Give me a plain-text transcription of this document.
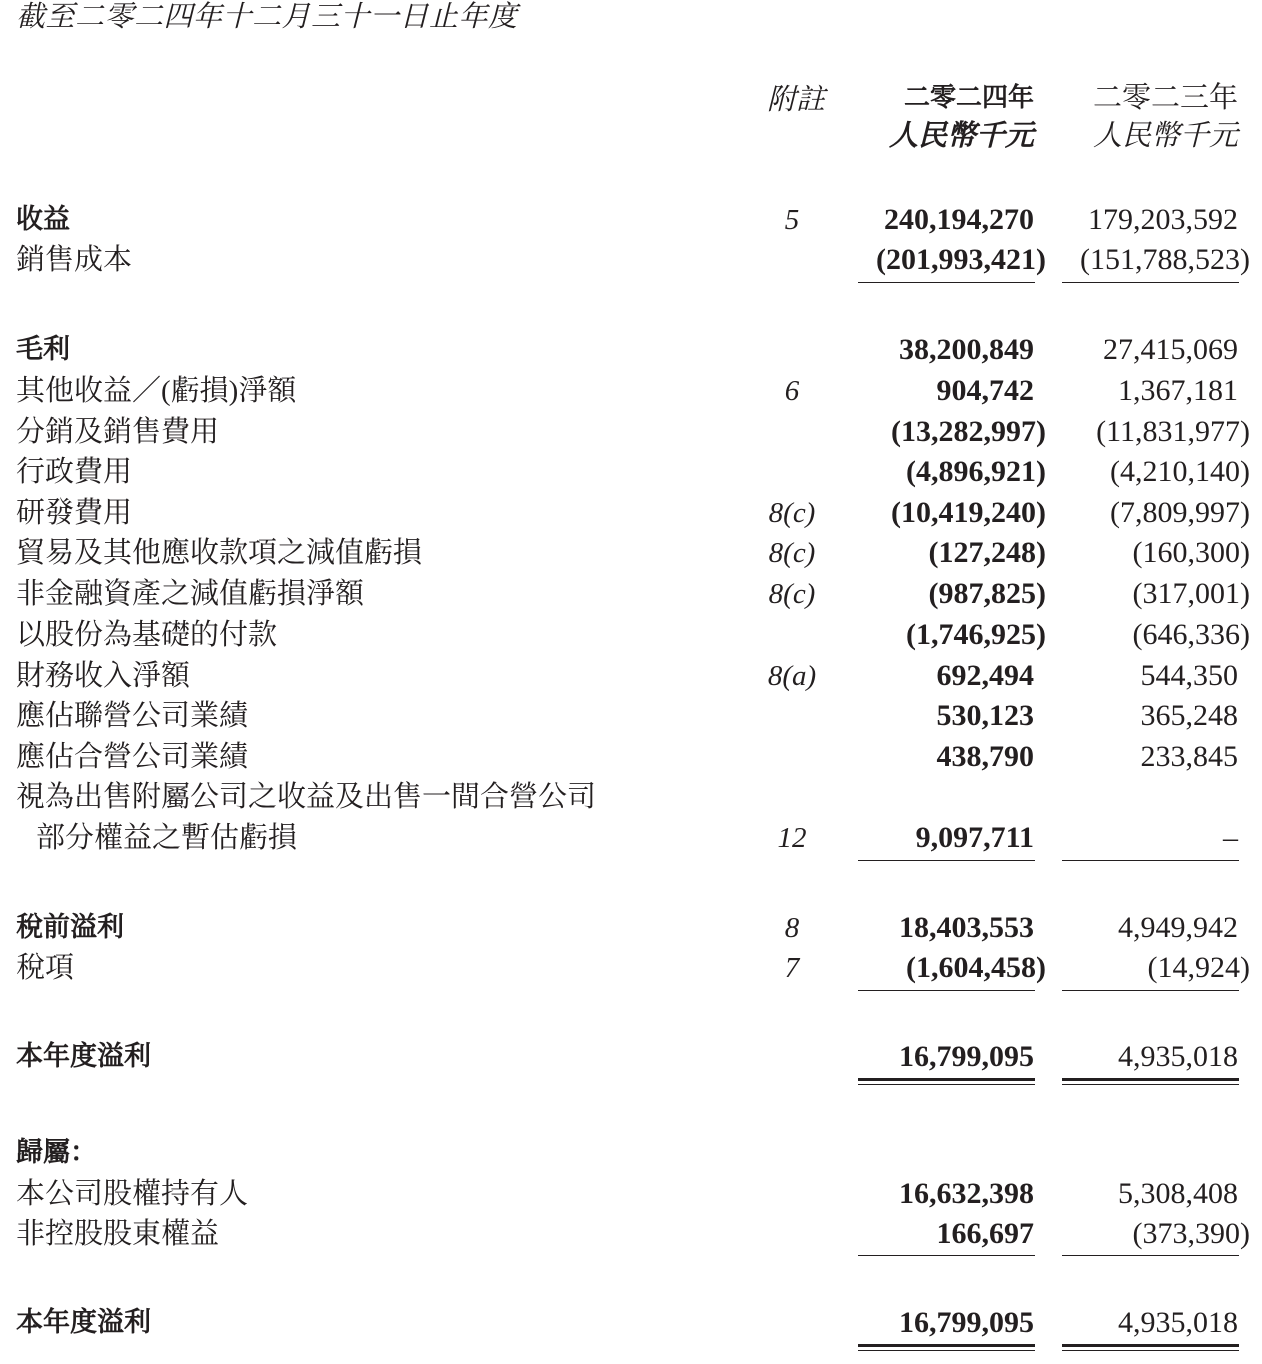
截至二零二四年十二月三十一日止年度
附註	二零二四年
人民幣千元
二零二三年
人民幣千元
收益	5	240,194,270 179,203,592
銷售成本	(201,993,421) (151,788,523)
毛利	38,200,849 27,415,069
其他收益／(虧損)淨額	6	904,742	1,367,181
分銷及銷售費用	(13,282,997) (11,831,977)
行政費用	(4,896,921) (4,210,140)
研發費用	8(c)	(10,419,240) (7,809,997)
貿易及其他應收款項之減值虧損	8(c)	(127,248)	(160,300)
非金融資產之減值虧損淨額	8(c)	(987,825)	(317,001)
以股份為基礎的付款	(1,746,925)	(646,336)
財務收入淨額	8(a)	692,494	544,350
應佔聯營公司業績	530,123	365,248
應佔合營公司業績	438,790	233,845
視為出售附屬公司之收益及出售一間合營公司
部分權益之暫估虧損	12	9,097,711	–
稅前溢利	8	18,403,553	4,949,942
稅項	7	(1,604,458)	(14,924)
本年度溢利	16,799,095	4,935,018
歸屬：
本公司股權持有人	16,632,398	5,308,408
非控股股東權益	166,697	(373,390)
本年度溢利	16,799,095	4,935,018
